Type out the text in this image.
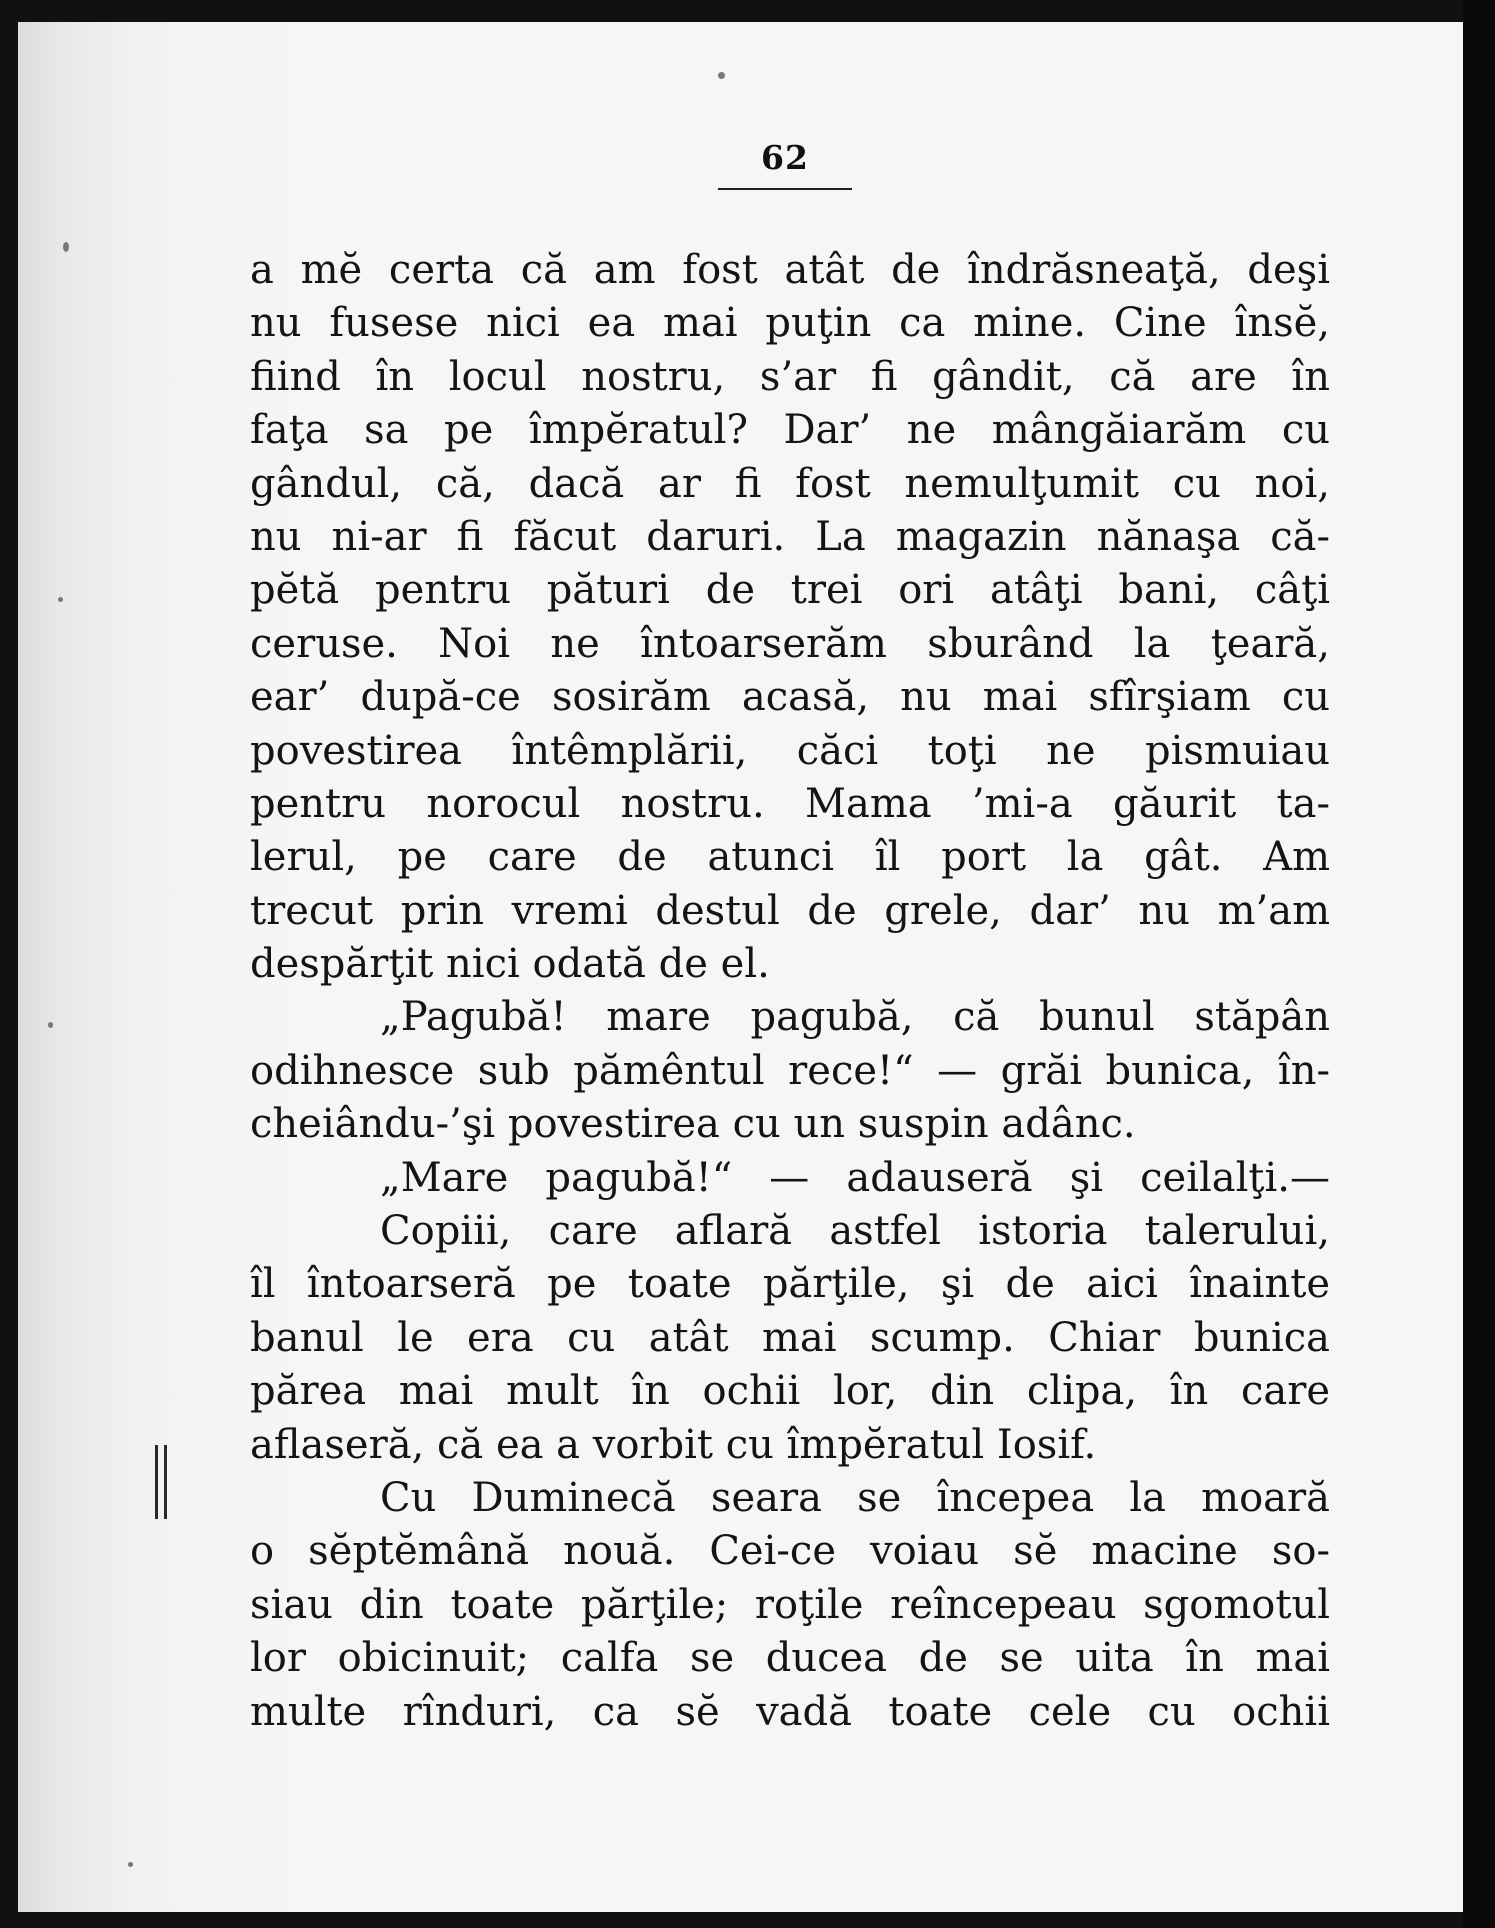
62
a mĕ certa că am fost atât de îndrăsneaţă, deşi
nu fusese nici ea mai puţin ca mine. Cine însĕ,
fiind în locul nostru, s’ar fi gândit, că are în
faţa sa pe împĕratul? Dar’ ne mângăiarăm cu
gândul, că, dacă ar fi fost nemulţumit cu noi,
nu ni-ar fi făcut daruri. La magazin nănaşa că-
pĕtă pentru pături de trei ori atâţi bani, câţi
ceruse. Noi ne întoarserăm sburând la ţeară,
ear’ după-ce sosirăm acasă, nu mai sfîrşiam cu
povestirea întêmplării, căci toţi ne pismuiau
pentru norocul nostru. Mama ’mi-a găurit ta-
lerul, pe care de atunci îl port la gât. Am
trecut prin vremi destul de grele, dar’ nu m’am
despărţit nici odată de el.
„Pagubă! mare pagubă, că bunul stăpân
odihnesce sub pămêntul rece!“ — grăi bunica, în-
cheiându-’şi povestirea cu un suspin adânc.
„Mare pagubă!“ — adauseră şi ceilalţi.—
Copiii, care aflară astfel istoria talerului,
îl întoarseră pe toate părţile, şi de aici înainte
banul le era cu atât mai scump. Chiar bunica
părea mai mult în ochii lor, din clipa, în care
aflaseră, că ea a vorbit cu împĕratul Iosif.
Cu Duminecă seara se începea la moară
o sĕptĕmână nouă. Cei-ce voiau sĕ macine so-
siau din toate părţile; roţile reîncepeau sgomotul
lor obicinuit; calfa se ducea de se uita în mai
multe rînduri, ca sĕ vadă toate cele cu ochii
